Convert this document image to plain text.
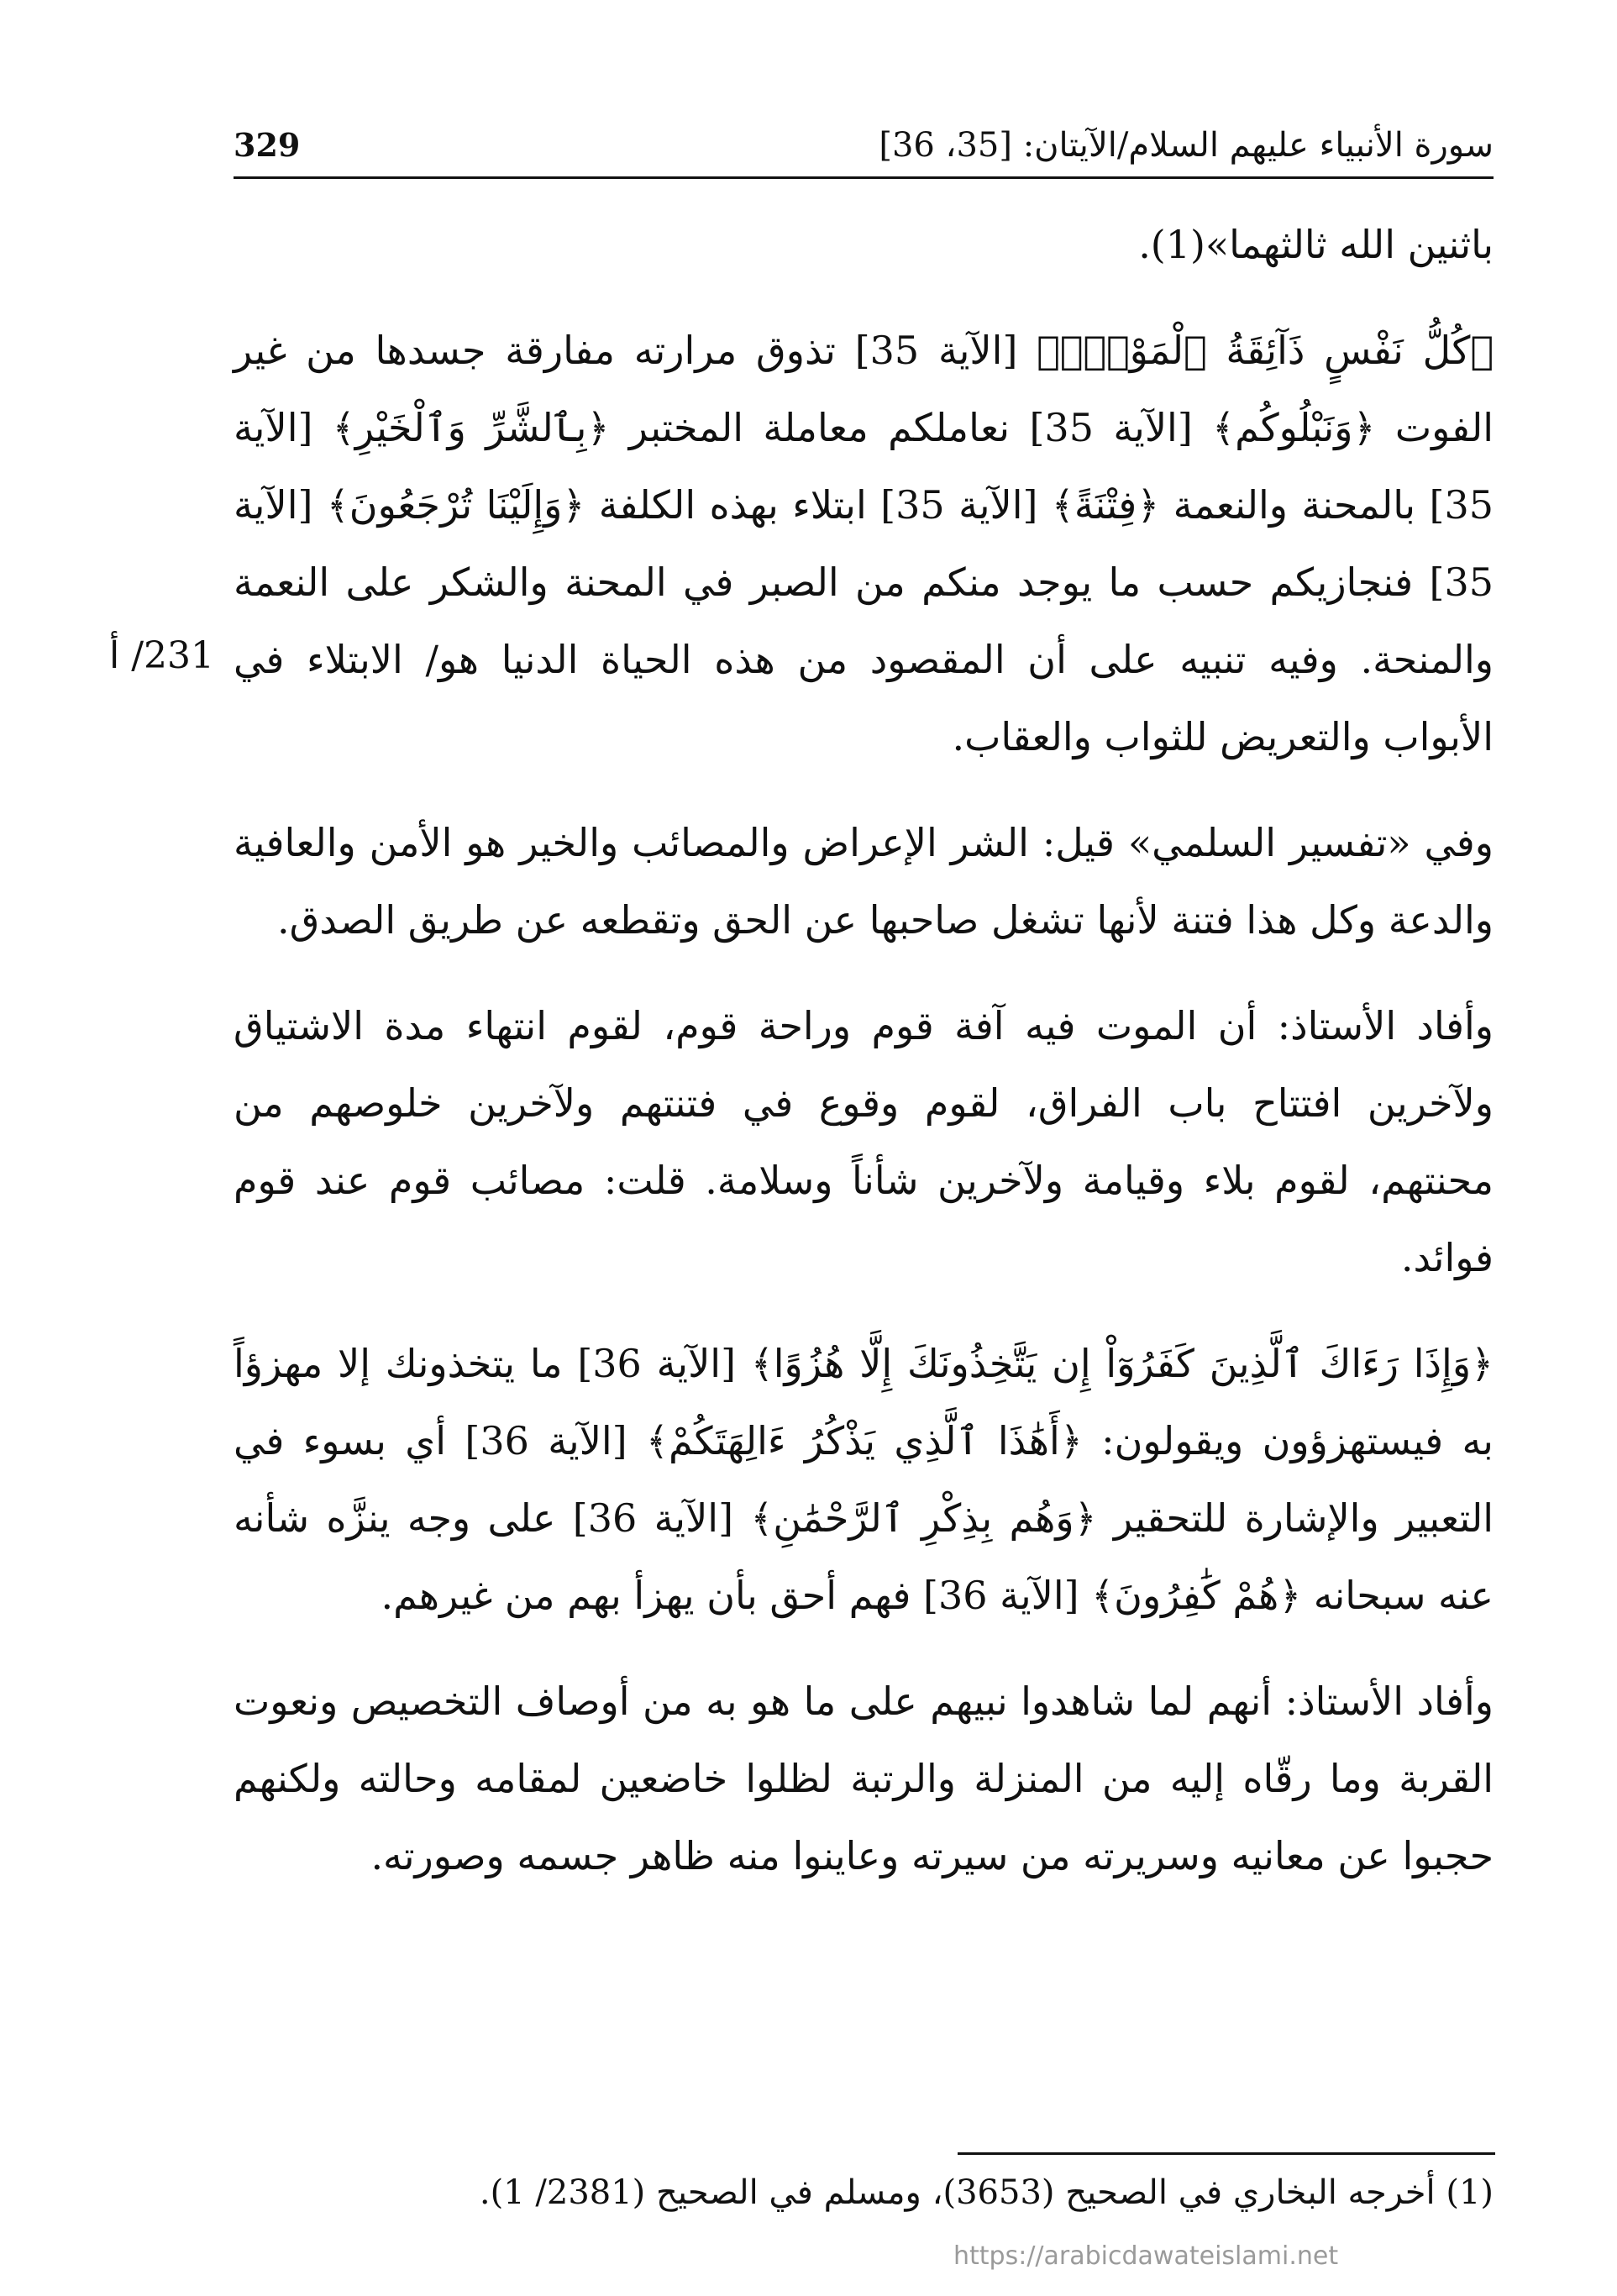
329	سورة الأنبياء عليهم السلام/الآيتان: [35، 36]
231/ أ

باثنين الله ثالثهما»(1).

﴿كُلُّ نَفْسٍ ذَآئِقَةُ ٱلْمَوْتِۗ﴾ [الآية 35] تذوق مرارته مفارقة جسدها من غير الفوت ﴿وَنَبْلُوكُم﴾ [الآية 35] نعاملكم معاملة المختبر ﴿بِٱلشَّرِّ وَٱلْخَيْرِ﴾ [الآية 35] بالمحنة والنعمة ﴿فِتْنَةً﴾ [الآية 35] ابتلاء بهذه الكلفة ﴿وَإِلَيْنَا تُرْجَعُونَ﴾ [الآية 35] فنجازيكم حسب ما يوجد منكم من الصبر في المحنة والشكر على النعمة والمنحة. وفيه تنبيه على أن المقصود من هذه الحياة الدنيا هو/ الابتلاء في الأبواب والتعريض للثواب والعقاب.

وفي «تفسير السلمي» قيل: الشر الإعراض والمصائب والخير هو الأمن والعافية والدعة وكل هذا فتنة لأنها تشغل صاحبها عن الحق وتقطعه عن طريق الصدق.

وأفاد الأستاذ: أن الموت فيه آفة قوم وراحة قوم، لقوم انتهاء مدة الاشتياق ولآخرين افتتاح باب الفراق، لقوم وقوع في فتنتهم ولآخرين خلوصهم من محنتهم، لقوم بلاء وقيامة ولآخرين شأناً وسلامة. قلت: مصائب قوم عند قوم فوائد.

﴿وَإِذَا رَءَاكَ ٱلَّذِينَ كَفَرُوٓاْ إِن يَتَّخِذُونَكَ إِلَّا هُزُوًا﴾ [الآية 36] ما يتخذونك إلا مهزؤاً به فيستهزؤون ويقولون: ﴿أَهَٰذَا ٱلَّذِي يَذْكُرُ ءَالِهَتَكُمْ﴾ [الآية 36] أي بسوء في التعبير والإشارة للتحقير ﴿وَهُم بِذِكْرِ ٱلرَّحْمَٰنِ﴾ [الآية 36] على وجه ينزَّه شأنه عنه سبحانه ﴿هُمْ كَٰفِرُونَ﴾ [الآية 36] فهم أحق بأن يهزأ بهم من غيرهم.

وأفاد الأستاذ: أنهم لما شاهدوا نبيهم على ما هو به من أوصاف التخصيص ونعوت القربة وما رقّاه إليه من المنزلة والرتبة لظلوا خاضعين لمقامه وحالته ولكنهم حجبوا عن معانيه وسريرته من سيرته وعاينوا منه ظاهر جسمه وصورته.

(1) أخرجه البخاري في الصحيح (3653)، ومسلم في الصحيح (2381/ 1).
https://arabicdawateislami.net
